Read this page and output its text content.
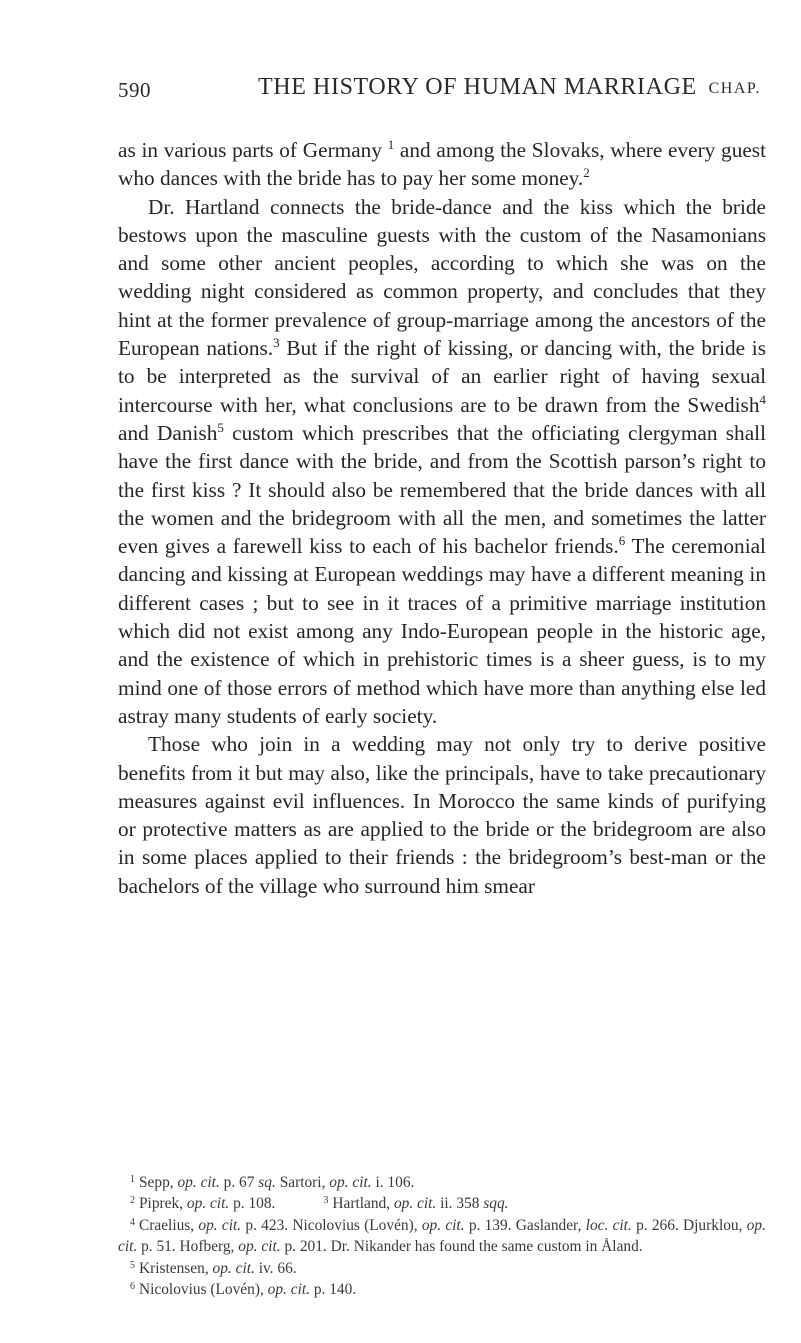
590	THE HISTORY OF HUMAN MARRIAGE CHAP.

as in various parts of Germany $^1$ and among the Slovaks, where every guest who dances with the bride has to pay her some money.$^2$

Dr. Hartland connects the bride-dance and the kiss which the bride bestows upon the masculine guests with the custom of the Nasamonians and some other ancient peoples, according to which she was on the wedding night considered as common property, and concludes that they hint at the former prevalence of group-marriage among the ancestors of the European nations.$^3$ But if the right of kissing, or dancing with, the bride is to be interpreted as the survival of an earlier right of having sexual intercourse with her, what conclusions are to be drawn from the Swedish$^4$ and Danish$^5$ custom which prescribes that the officiating clergyman shall have the first dance with the bride, and from the Scottish parson’s right to the first kiss ? It should also be remembered that the bride dances with all the women and the bridegroom with all the men, and sometimes the latter even gives a farewell kiss to each of his bachelor friends.$^6$ The ceremonial dancing and kissing at European weddings may have a different meaning in different cases ; but to see in it traces of a primitive marriage institution which did not exist among any Indo-European people in the historic age, and the existence of which in prehistoric times is a sheer guess, is to my mind one of those errors of method which have more than anything else led astray many students of early society.

Those who join in a wedding may not only try to derive positive benefits from it but may also, like the principals, have to take precautionary measures against evil influences. In Morocco the same kinds of purifying or protective matters as are applied to the bride or the bridegroom are also in some places applied to their friends : the bridegroom’s best-man or the bachelors of the village who surround him smear

$^1$ Sepp, op. cit. p. 67 sq. Sartori, op. cit. i. 106.

$^2$ Piprek, op. cit. p. 108.	$^3$ Hartland, op. cit. ii. 358 sqq.

$^4$ Craelius, op. cit. p. 423. Nicolovius (Lovén), op. cit. p. 139. Gaslander, loc. cit. p. 266. Djurklou, op. cit. p. 51. Hofberg, op. cit. p. 201. Dr. Nikander has found the same custom in Åland.

$^5$ Kristensen, op. cit. iv. 66.

$^6$ Nicolovius (Lovén), op. cit. p. 140.
